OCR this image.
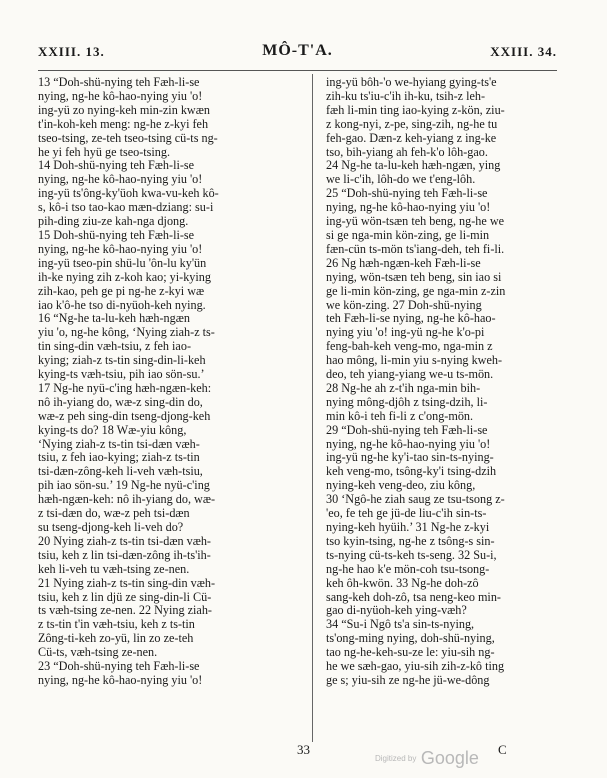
XXIII. 13.	MÔ-T'A.	XXIII. 34.
13 “Doh-shü-nying teh Fæh-li-se
nying, ng-he kô-hao-nying yiu 'o!
ing-yü zo nying-keh min-zin kwæn
t'in-koh-keh meng: ng-he z-kyi feh
tseo-tsing, ze-teh tseo-tsing cü-ts ng-
he yi feh hyü ge tseo-tsing.
14 Doh-shü-nying teh Fæh-li-se
nying, ng-he kô-hao-nying yiu 'o!
ing-yü ts'ông-ky'üoh kwa-vu-keh kô-
s, kô-i tso tao-kao mæn-dziang: su-i
pih-ding ziu-ze kah-nga djong.
15 Doh-shü-nying teh Fæh-li-se
nying, ng-he kô-hao-nying yiu 'o!
ing-yü tseo-pin shü-lu 'ôn-lu ky'ün
ih-ke nying zih z-koh kao; yi-kying
zih-kao, peh ge pi ng-he z-kyi wæ
iao k'ô-he tso di-nyüoh-keh nying.
16 “Ng-he ta-lu-keh hæh-ngæn
yiu 'o, ng-he kông, ‘Nying ziah-z ts-
tin sing-din væh-tsiu, z feh iao-
kying; ziah-z ts-tin sing-din-li-keh
kying-ts væh-tsiu, pih iao sön-su.’
17 Ng-he nyü-c'ing hæh-ngæn-keh:
nô ih-yiang do, wæ-z sing-din do,
wæ-z peh sing-din tseng-djong-keh
kying-ts do? 18 Wæ-yiu kông,
‘Nying ziah-z ts-tin tsi-dæn væh-
tsiu, z feh iao-kying; ziah-z ts-tin
tsi-dæn-zông-keh li-veh væh-tsiu,
pih iao sön-su.’ 19 Ng-he nyü-c'ing
hæh-ngæn-keh: nô ih-yiang do, wæ-
z tsi-dæn do, wæ-z peh tsi-dæn
su tseng-djong-keh li-veh do?
20 Nying ziah-z ts-tin tsi-dæn væh-
tsiu, keh z lin tsi-dæn-zông ih-ts'ih-
keh li-veh tu væh-tsing ze-nen.
21 Nying ziah-z ts-tin sing-din væh-
tsiu, keh z lin djü ze sing-din-li Cü-
ts væh-tsing ze-nen. 22 Nying ziah-
z ts-tin t'in væh-tsiu, keh z ts-tin
Zông-ti-keh zo-yü, lin zo ze-teh
Cü-ts, væh-tsing ze-nen.
23 “Doh-shü-nying teh Fæh-li-se
nying, ng-he kô-hao-nying yiu 'o!
ing-yü bôh-'o we-hyiang gying-ts'e
zih-ku ts'iu-c'ih ih-ku, tsih-z leh-
fæh li-min ting iao-kying z-kön, ziu-
z kong-nyi, z-pe, sing-zih, ng-he tu
feh-gao. Dæn-z keh-yiang z ing-ke
tso, bih-yiang ah feh-k'o lôh-gao.
24 Ng-he ta-lu-keh hæh-ngæn, ying
we li-c'ih, lôh-do we t'eng-lôh.
25 “Doh-shü-nying teh Fæh-li-se
nying, ng-he kô-hao-nying yiu 'o!
ing-yü wön-tsæn teh beng, ng-he we
si ge nga-min kön-zing, ge li-min
fæn-cün ts-mön ts'iang-deh, teh fi-li.
26 Ng hæh-ngæn-keh Fæh-li-se
nying, wön-tsæn teh beng, sin iao si
ge li-min kön-zing, ge nga-min z-zin
we kön-zing. 27 Doh-shü-nying
teh Fæh-li-se nying, ng-he kô-hao-
nying yiu 'o! ing-yü ng-he k'o-pi
feng-bah-keh veng-mo, nga-min z
hao mông, li-min yiu s-nying kweh-
deo, teh yiang-yiang we-u ts-mön.
28 Ng-he ah z-t'ih nga-min bih-
nying mông-djôh z tsing-dzih, li-
min kô-i teh fi-li z c'ong-mön.
29 “Doh-shü-nying teh Fæh-li-se
nying, ng-he kô-hao-nying yiu 'o!
ing-yü ng-he ky'i-tao sin-ts-nying-
keh veng-mo, tsông-ky'i tsing-dzih
nying-keh veng-deo, ziu kông,
30 ‘Ngô-he ziah saug ze tsu-tsong z-
'eo, fe teh ge jü-de liu-c'ih sin-ts-
nying-keh hyüih.’ 31 Ng-he z-kyi
tso kyin-tsing, ng-he z tsông-s sin-
ts-nying cü-ts-keh ts-seng. 32 Su-i,
ng-he hao k'e mön-coh tsu-tsong-
keh ôh-kwön. 33 Ng-he doh-zô
sang-keh doh-zô, tsa neng-keo min-
gao di-nyüoh-keh ying-væh?
34 “Su-i Ngô ts'a sin-ts-nying,
ts'ong-ming nying, doh-shü-nying,
tao ng-he-keh-su-ze le: yiu-sih ng-
he we sæh-gao, yiu-sih zih-z-kô ting
ge s; yiu-sih ze ng-he jü-we-dông
33	C
Digitized by Google
